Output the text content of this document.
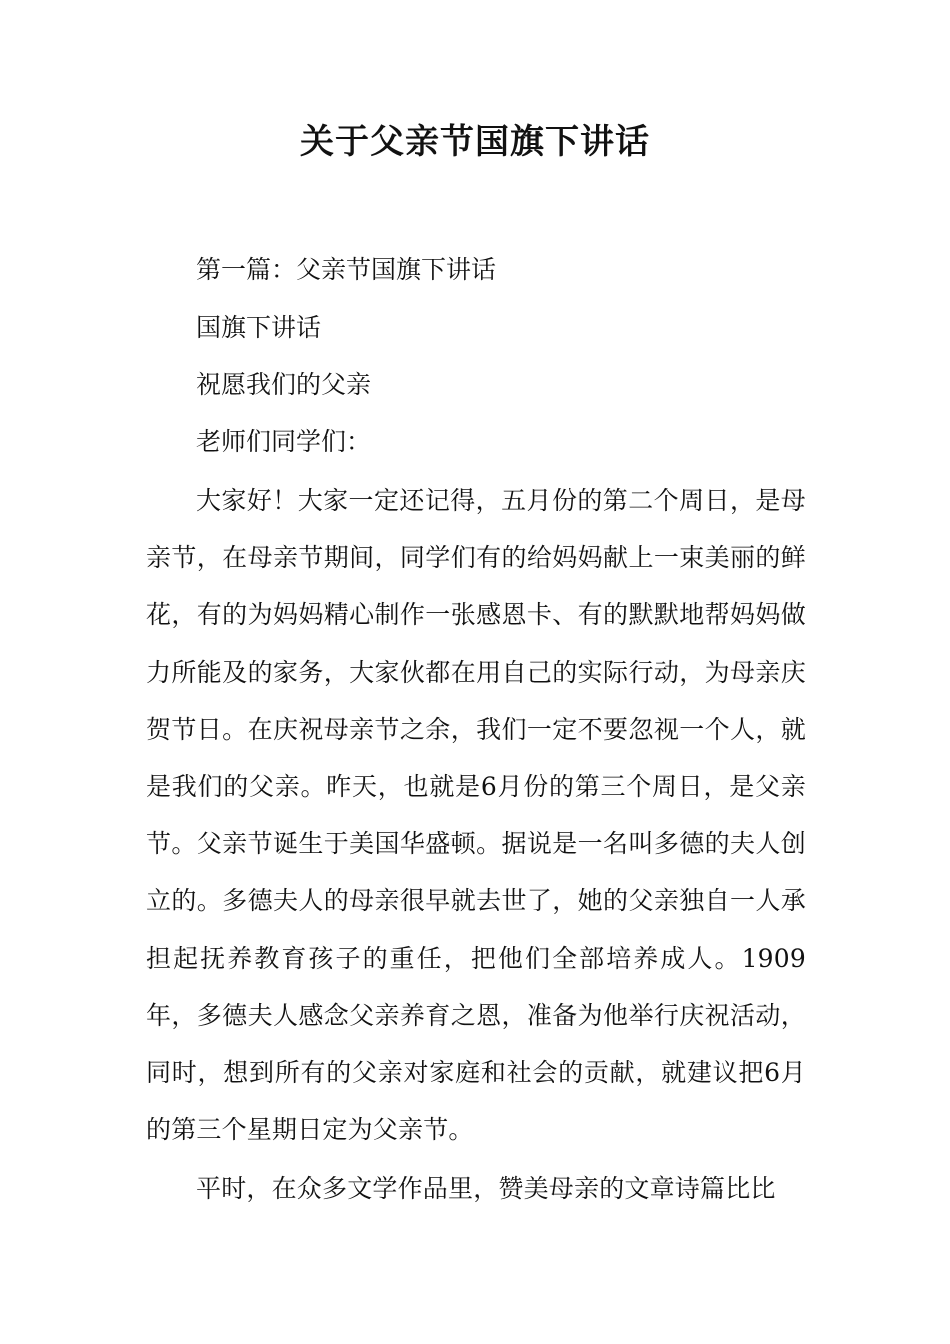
关于父亲节国旗下讲话

第一篇：父亲节国旗下讲话

国旗下讲话

祝愿我们的父亲

老师们同学们：

大家好！大家一定还记得，五月份的第二个周日，是母亲节，在母亲节期间，同学们有的给妈妈献上一束美丽的鲜花，有的为妈妈精心制作一张感恩卡、有的默默地帮妈妈做力所能及的家务，大家伙都在用自己的实际行动，为母亲庆贺节日。在庆祝母亲节之余，我们一定不要忽视一个人，就是我们的父亲。昨天，也就是6月份的第三个周日，是父亲节。父亲节诞生于美国华盛顿。据说是一名叫多德的夫人创立的。多德夫人的母亲很早就去世了，她的父亲独自一人承担起抚养教育孩子的重任，把他们全部培养成人。1909年，多德夫人感念父亲养育之恩，准备为他举行庆祝活动，同时，想到所有的父亲对家庭和社会的贡献，就建议把6月的第三个星期日定为父亲节。

平时，在众多文学作品里，赞美母亲的文章诗篇比比
